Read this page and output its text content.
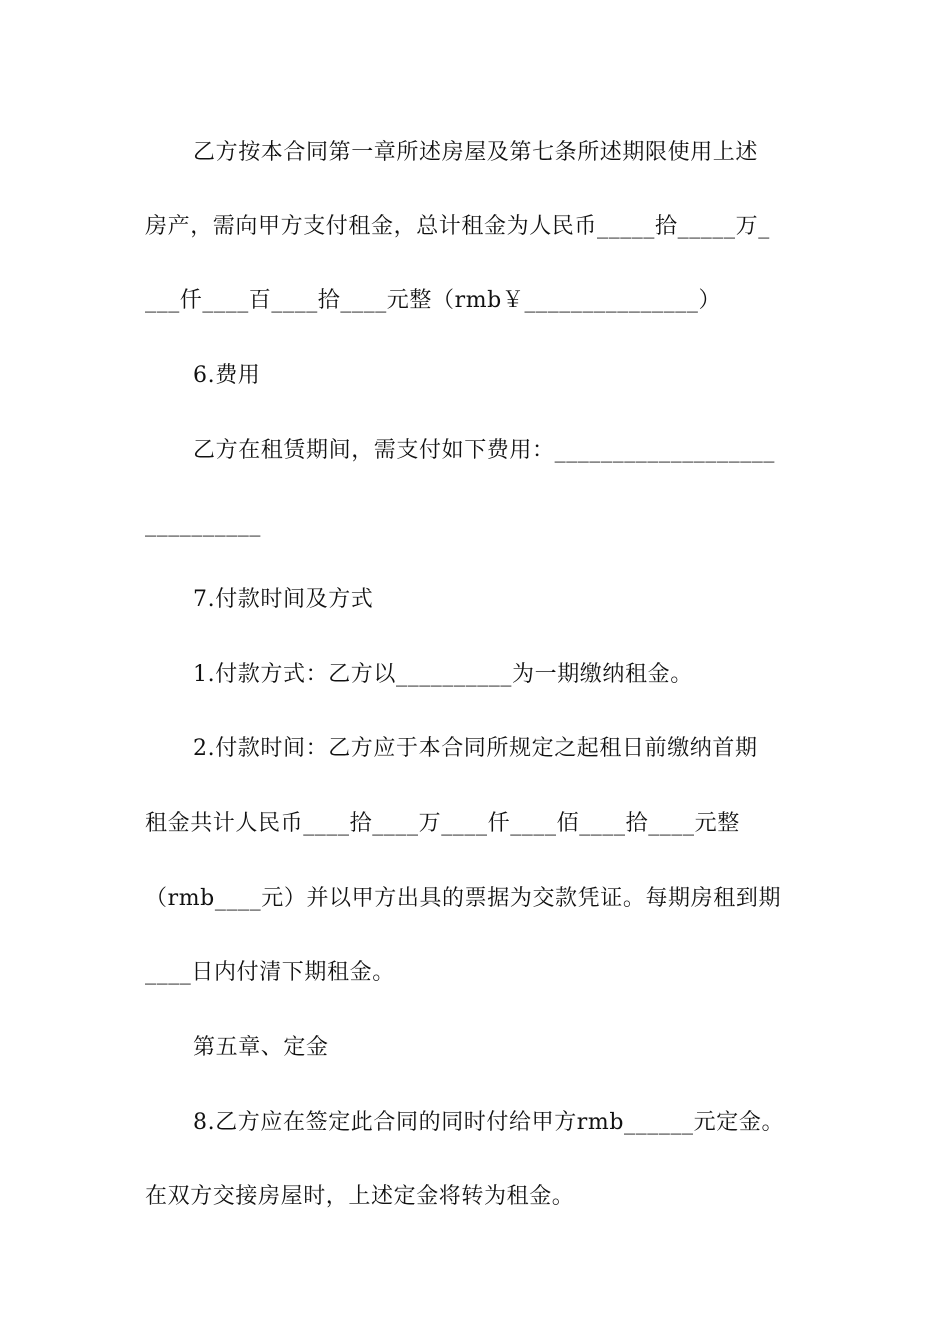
乙方按本合同第一章所述房屋及第七条所述期限使用上述
房产，需向甲方支付租金，总计租金为人民币_____拾_____万_
___仟____百____拾____元整（rmb￥_______________）
6.费用
乙方在租赁期间，需支付如下费用：___________________
__________
7.付款时间及方式
1.付款方式：乙方以__________为一期缴纳租金。
2.付款时间：乙方应于本合同所规定之起租日前缴纳首期
租金共计人民币____拾____万____仟____佰____拾____元整
（rmb____元）并以甲方出具的票据为交款凭证。每期房租到期
____日内付清下期租金。
第五章、定金
8.乙方应在签定此合同的同时付给甲方rmb______元定金。
在双方交接房屋时，上述定金将转为租金。
